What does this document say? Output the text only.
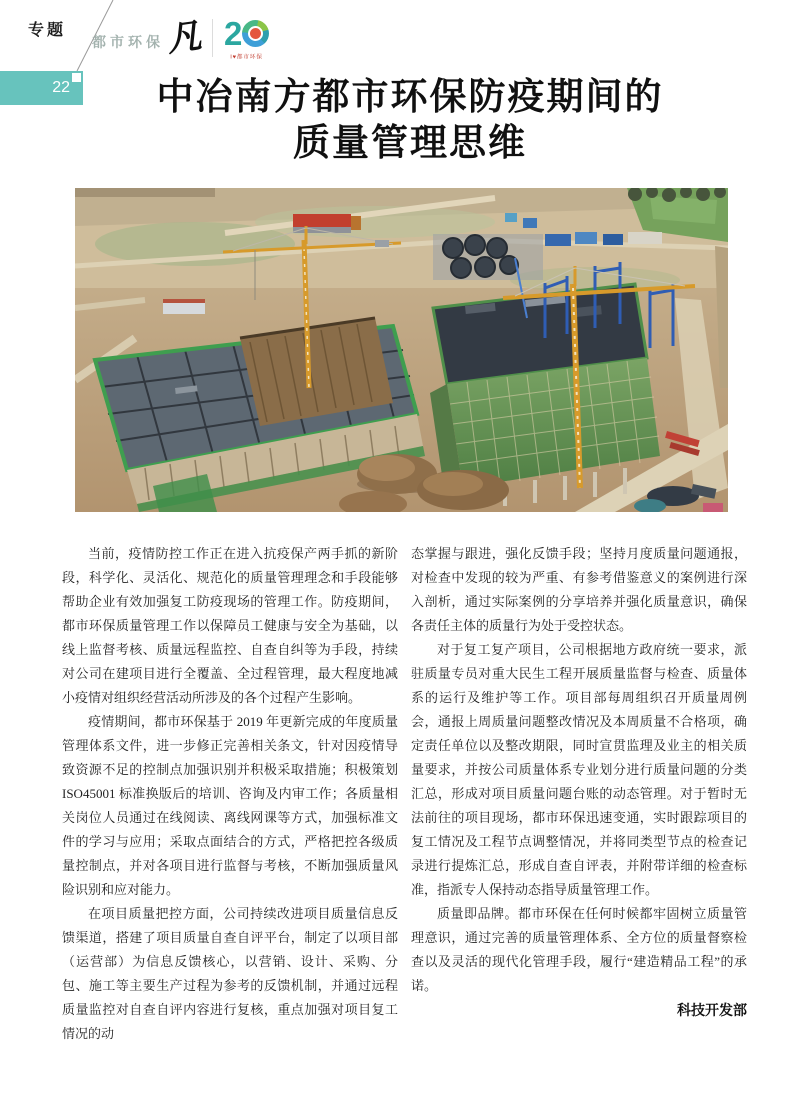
专题
22
都市环保 凡 2
I♥都市环保
中冶南方都市环保防疫期间的
质量管理思维

当前，疫情防控工作正在进入抗疫保产两手抓的新阶段，科学化、灵活化、规范化的质量管理理念和手段能够帮助企业有效加强复工防疫现场的管理工作。防疫期间，都市环保质量管理工作以保障员工健康与安全为基础，以线上监督考核、质量远程监控、自查自纠等为手段，持续对公司在建项目进行全覆盖、全过程管理，最大程度地减小疫情对组织经营活动所涉及的各个过程产生影响。

疫情期间，都市环保基于 2019 年更新完成的年度质量管理体系文件，进一步修正完善相关条文，针对因疫情导致资源不足的控制点加强识别并积极采取措施；积极策划 ISO45001 标准换版后的培训、咨询及内审工作；各质量相关岗位人员通过在线阅读、离线网课等方式，加强标准文件的学习与应用；采取点面结合的方式，严格把控各级质量控制点，并对各项目进行监督与考核，不断加强质量风险识别和应对能力。

在项目质量把控方面，公司持续改进项目质量信息反馈渠道，搭建了项目质量自查自评平台，制定了以项目部（运营部）为信息反馈核心，以营销、设计、采购、分包、施工等主要生产过程为参考的反馈机制，并通过远程质量监控对自查自评内容进行复核，重点加强对项目复工情况的动

态掌握与跟进，强化反馈手段；坚持月度质量问题通报，对检查中发现的较为严重、有参考借鉴意义的案例进行深入剖析，通过实际案例的分享培养并强化质量意识，确保各责任主体的质量行为处于受控状态。

对于复工复产项目，公司根据地方政府统一要求，派驻质量专员对重大民生工程开展质量监督与检查、质量体系的运行及维护等工作。项目部每周组织召开质量周例会，通报上周质量问题整改情况及本周质量不合格项，确定责任单位以及整改期限，同时宣贯监理及业主的相关质量要求，并按公司质量体系专业划分进行质量问题的分类汇总，形成对项目质量问题台账的动态管理。对于暂时无法前往的项目现场，都市环保迅速变通，实时跟踪项目的复工情况及工程节点调整情况，并将同类型节点的检查记录进行提炼汇总，形成自查自评表，并附带详细的检查标准，指派专人保持动态指导质量管理工作。

质量即品牌。都市环保在任何时候都牢固树立质量管理意识，通过完善的质量管理体系、全方位的质量督察检查以及灵活的现代化管理手段，履行“建造精品工程”的承诺。

科技开发部
